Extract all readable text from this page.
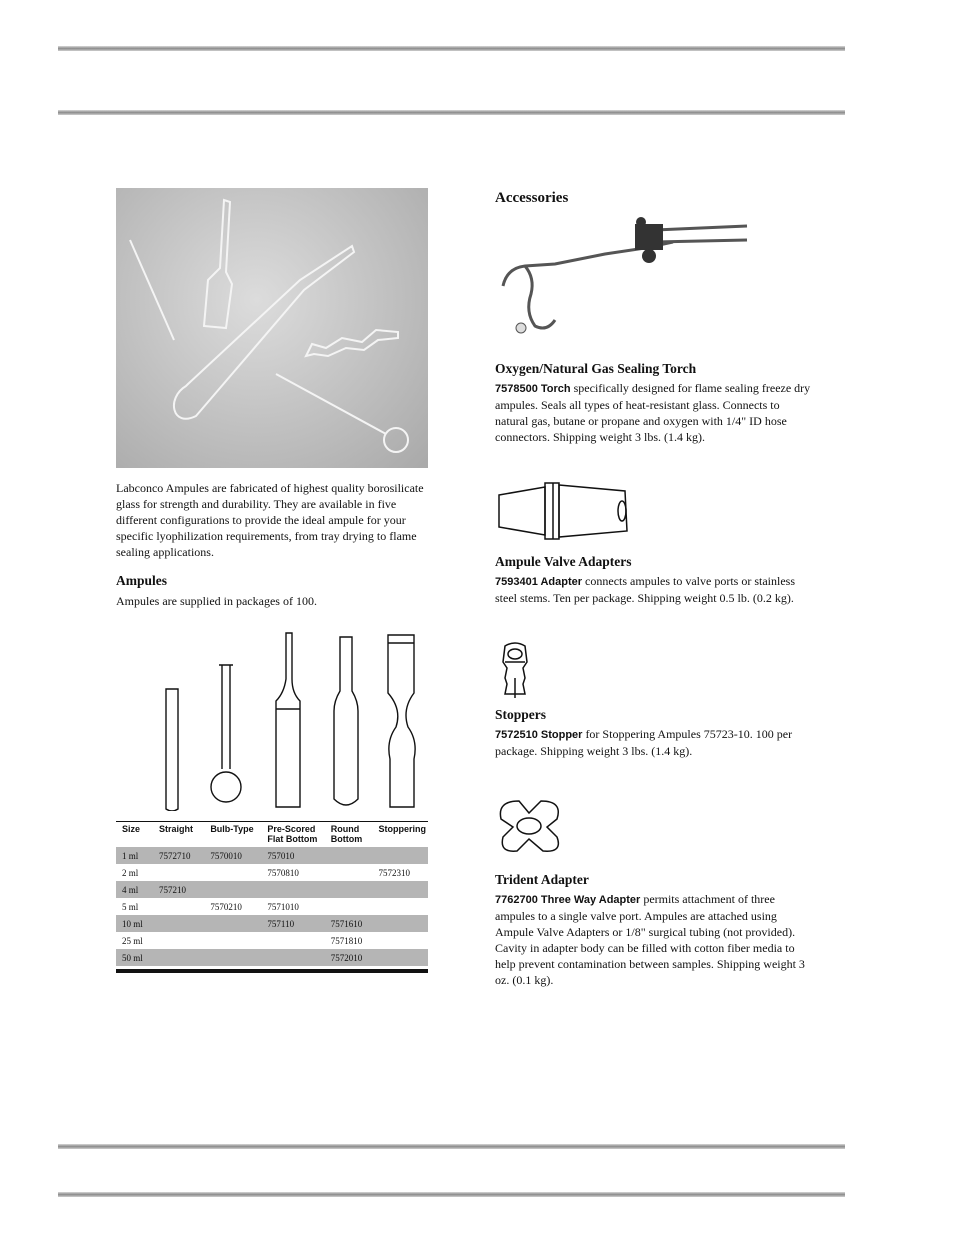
Labconco Ampules are fabricated of highest quality borosilicate glass for strength and durability. They are available in five different configurations to provide the ideal ampule for your specific lyophilization requirements, from tray drying to flame sealing applications.

Ampules

Ampules are supplied in packages of 100.

Size	Straight	Bulb-Type	Pre-Scored Flat Bottom	Round Bottom	Stoppering
1 ml	7572710	7570010	757010		
2 ml			7570810		7572310
4 ml	757210				
5 ml		7570210	7571010		
10 ml			757110	7571610	
25 ml				7571810	
50 ml				7572010	
Accessories
Oxygen/Natural Gas Sealing Torch

7578500 Torch specifically designed for flame sealing freeze dry ampules. Seals all types of heat-resistant glass. Connects to natural gas, butane or propane and oxygen with 1/4" ID hose connectors. Shipping weight 3 lbs. (1.4 kg).

Ampule Valve Adapters

7593401 Adapter connects ampules to valve ports or stainless steel stems. Ten per package. Shipping weight 0.5 lb. (0.2 kg).

Stoppers

7572510 Stopper for Stoppering Ampules 75723-10. 100 per package. Shipping weight 3 lbs. (1.4 kg).

Trident Adapter

7762700 Three Way Adapter permits attachment of three ampules to a single valve port. Ampules are attached using Ampule Valve Adapters or 1/8" surgical tubing (not provided). Cavity in adapter body can be filled with cotton fiber media to help prevent contamination between samples. Shipping weight 3 oz. (0.1 kg).
